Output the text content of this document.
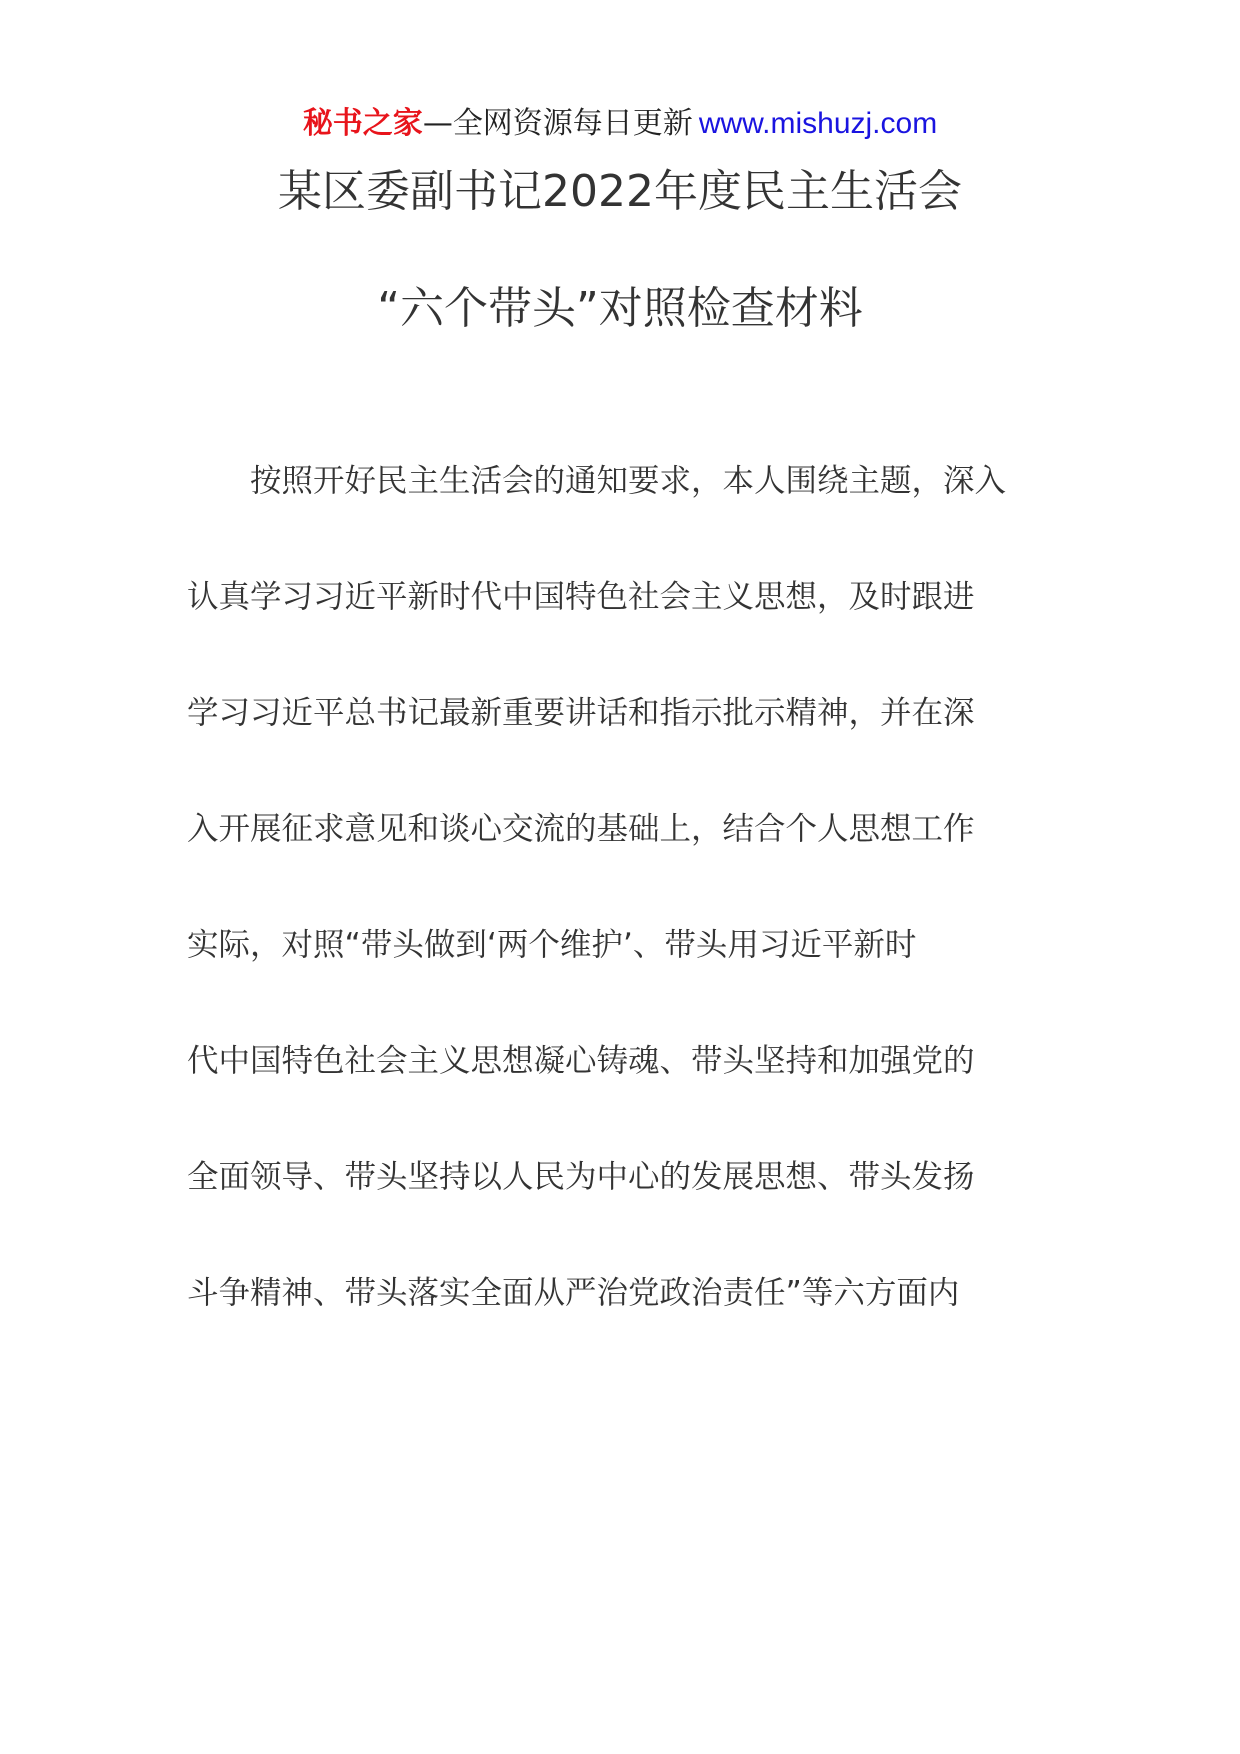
秘书之家—全网资源每日更新 www.mishuzj.com
某区委副书记2022年度民主生活会
“六个带头”对照检查材料
　　按照开好民主生活会的通知要求，本人围绕主题，深入
认真学习习近平新时代中国特色社会主义思想，及时跟进
学习习近平总书记最新重要讲话和指示批示精神，并在深
入开展征求意见和谈心交流的基础上，结合个人思想工作
实际，对照“带头做到‘两个维护’、带头用习近平新时
代中国特色社会主义思想凝心铸魂、带头坚持和加强党的
全面领导、带头坚持以人民为中心的发展思想、带头发扬
斗争精神、带头落实全面从严治党政治责任”等六方面内
